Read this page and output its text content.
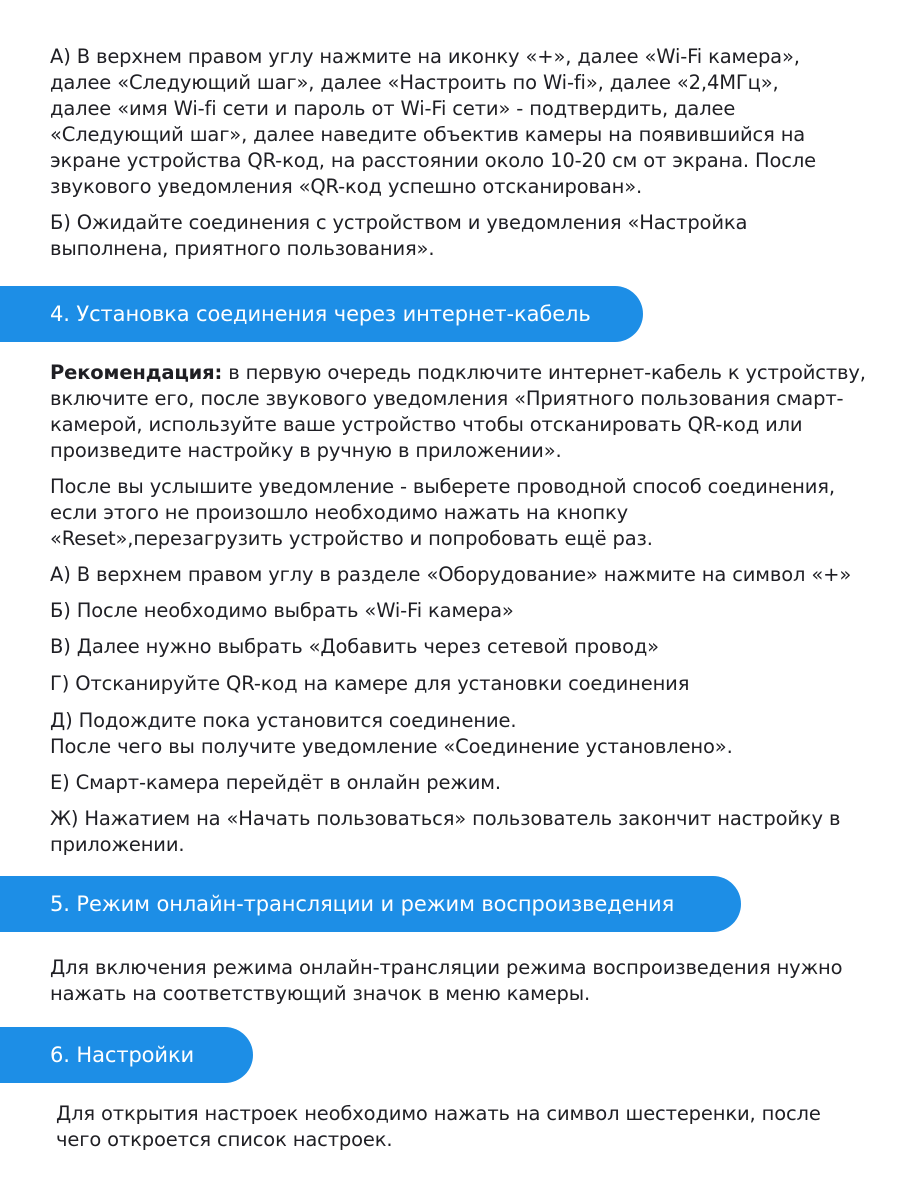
А) В верхнем правом углу нажмите на иконку «+», далее «Wi-Fi камера»,
далее «Следующий шаг», далее «Настроить по Wi-fi», далее «2,4МГц»,
далее «имя Wi-fi сети и пароль от Wi-Fi сети» - подтвердить, далее
«Следующий шаг», далее наведите объектив камеры на появившийся на
экране устройства QR-код, на расстоянии около 10-20 см от экрана. После
звукового уведомления «QR-код успешно отсканирован».

Б) Ожидайте соединения с устройством и уведомления «Настройка
выполнена, приятного пользования».

4. Установка соединения через интернет-кабель

Рекомендация: в первую очередь подключите интернет-кабель к устройству,
включите его, после звукового уведомления «Приятного пользования смарт-
камерой, используйте ваше устройство чтобы отсканировать QR-код или
произведите настройку в ручную в приложении».

После вы услышите уведомление - выберете проводной способ соединения,
если этого не произошло необходимо нажать на кнопку
«Reset»,перезагрузить устройство и попробовать ещё раз.

А) В верхнем правом углу в разделе «Оборудование» нажмите на символ «+»

Б) После необходимо выбрать «Wi-Fi камера»

В) Далее нужно выбрать «Добавить через сетевой провод»

Г) Отсканируйте QR-код на камере для установки соединения

Д) Подождите пока установится соединение.
После чего вы получите уведомление «Соединение установлено».

Е) Смарт-камера перейдёт в онлайн режим.

Ж) Нажатием на «Начать пользоваться» пользователь закончит настройку в
приложении.

5. Режим онлайн-трансляции и режим воспроизведения

Для включения режима онлайн-трансляции режима воспроизведения нужно
нажать на соответствующий значок в меню камеры.

6. Настройки

Для открытия настроек необходимо нажать на символ шестеренки, после
чего откроется список настроек.
